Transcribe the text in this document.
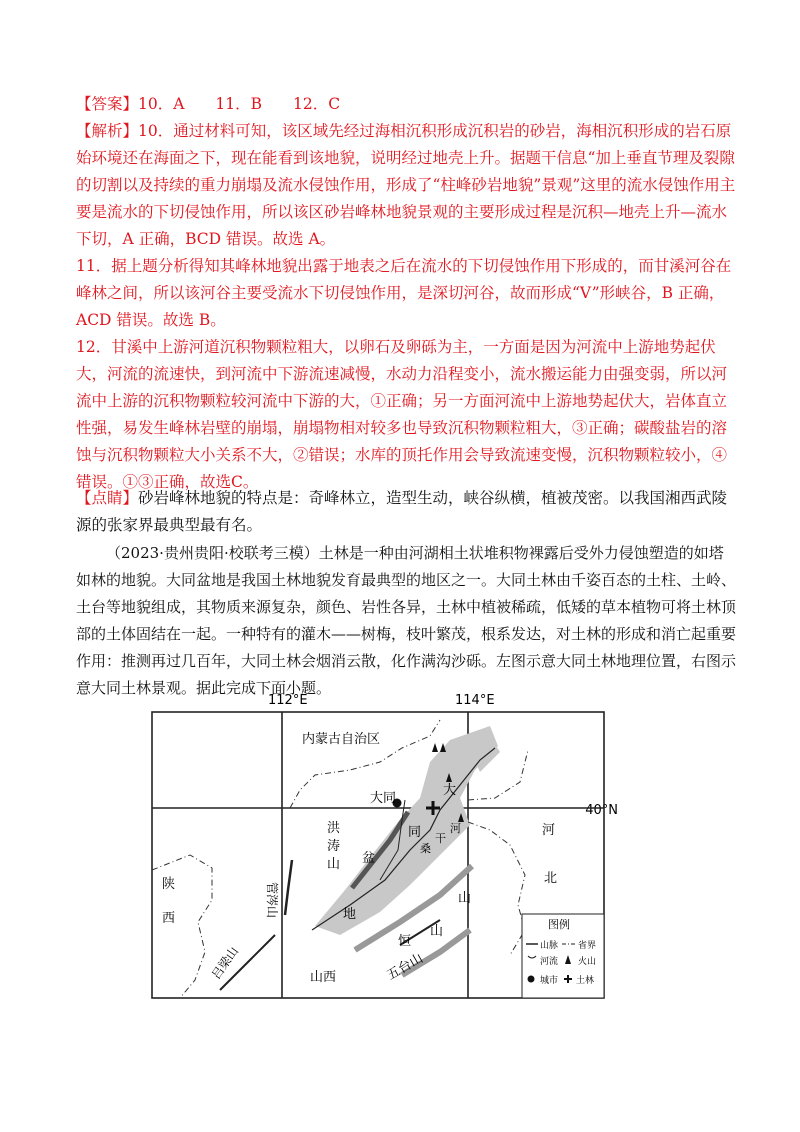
【答案】10．A　　11．B　　12．C
【解析】10．通过材料可知，该区域先经过海相沉积形成沉积岩的砂岩，海相沉积形成的岩石原始环境还在海面之下，现在能看到该地貌，说明经过地壳上升。据题干信息“加上垂直节理及裂隙的切割以及持续的重力崩塌及流水侵蚀作用，形成了“柱峰砂岩地貌”景观”这里的流水侵蚀作用主要是流水的下切侵蚀作用，所以该区砂岩峰林地貌景观的主要形成过程是沉积—地壳上升—流水下切，A 正确，BCD 错误。故选 A。
11．据上题分析得知其峰林地貌出露于地表之后在流水的下切侵蚀作用下形成的，而甘溪河谷在峰林之间，所以该河谷主要受流水下切侵蚀作用，是深切河谷，故而形成“V”形峡谷，B 正确，ACD 错误。故选 B。
12．甘溪中上游河道沉积物颗粒粗大，以卵石及卵砾为主，一方面是因为河流中上游地势起伏大，河流的流速快，到河流中下游流速减慢，水动力沿程变小，流水搬运能力由强变弱，所以河流中上游的沉积物颗粒较河流中下游的大，①正确；另一方面河流中上游地势起伏大，岩体直立性强，易发生峰林岩壁的崩塌，崩塌物相对较多也导致沉积物颗粒粗大，③正确；碳酸盐岩的溶蚀与沉积物颗粒大小关系不大，②错误；水库的顶托作用会导致流速变慢，沉积物颗粒较小，④错误。①③正确，故选C。
【点睛】砂岩峰林地貌的特点是：奇峰林立，造型生动，峡谷纵横，植被茂密。以我国湘西武陵源的张家界最典型最有名。
（2023·贵州贵阳·校联考三模）土林是一种由河湖相土状堆积物裸露后受外力侵蚀塑造的如塔如林的地貌。大同盆地是我国土林地貌发育最典型的地区之一。大同土林由千姿百态的土柱、土岭、土台等地貌组成，其物质来源复杂，颜色、岩性各异，土林中植被稀疏，低矮的草本植物可将土林顶部的土体固结在一起。一种特有的灌木——树梅，枝叶繁茂，根系发达，对土林的形成和消亡起重要作用：推测再过几百年，大同土林会烟消云散，化作满沟沙砾。左图示意大同土林地理位置，右图示意大同土林景观。据此完成下面小题。
112°E	114°E
40°N
内蒙古自治区
大同
大
同
洪
涛
山 盆
地
桑
干
河	河
北
山
恒
山
五台山
山西
陕
西
管涔山
吕梁山
图例
山脉 省界
河流 火山
城市 土林
